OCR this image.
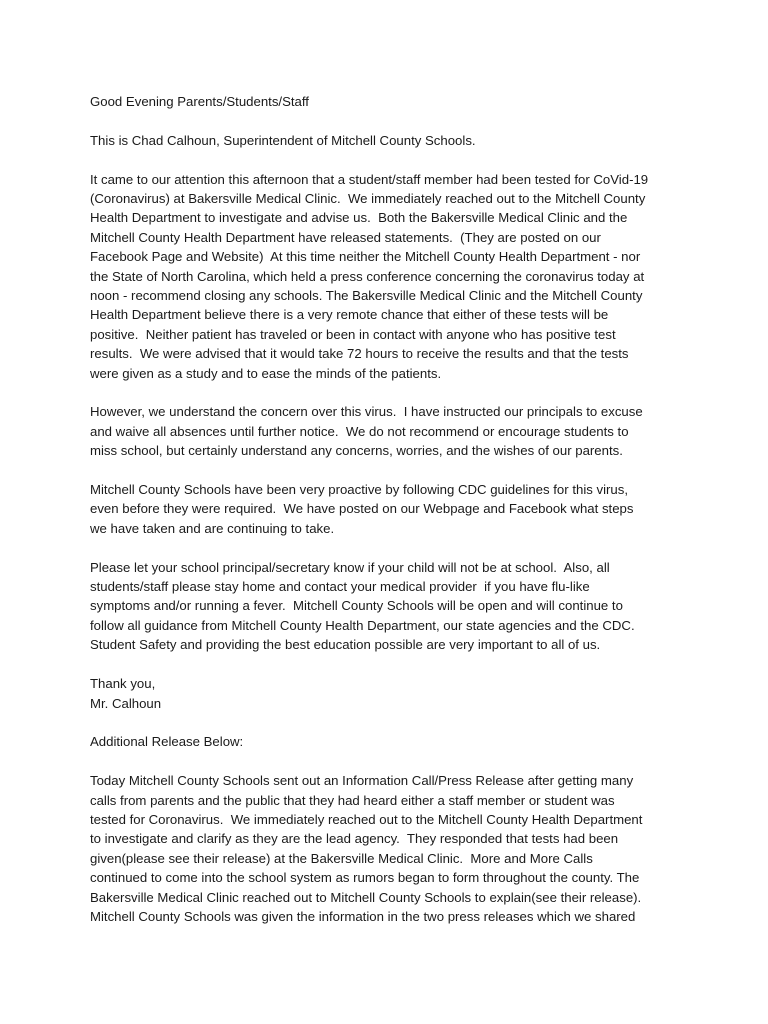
Good Evening Parents/Students/Staff
This is Chad Calhoun, Superintendent of Mitchell County Schools.
It came to our attention this afternoon that a student/staff member had been tested for CoVid-19
(Coronavirus) at Bakersville Medical Clinic.  We immediately reached out to the Mitchell County
Health Department to investigate and advise us.  Both the Bakersville Medical Clinic and the
Mitchell County Health Department have released statements.  (They are posted on our
Facebook Page and Website)  At this time neither the Mitchell County Health Department - nor
the State of North Carolina, which held a press conference concerning the coronavirus today at
noon - recommend closing any schools. The Bakersville Medical Clinic and the Mitchell County
Health Department believe there is a very remote chance that either of these tests will be
positive.  Neither patient has traveled or been in contact with anyone who has positive test
results.  We were advised that it would take 72 hours to receive the results and that the tests
were given as a study and to ease the minds of the patients.
However, we understand the concern over this virus.  I have instructed our principals to excuse
and waive all absences until further notice.  We do not recommend or encourage students to
miss school, but certainly understand any concerns, worries, and the wishes of our parents.
Mitchell County Schools have been very proactive by following CDC guidelines for this virus,
even before they were required.  We have posted on our Webpage and Facebook what steps
we have taken and are continuing to take.
Please let your school principal/secretary know if your child will not be at school.  Also, all
students/staff please stay home and contact your medical provider  if you have flu-like
symptoms and/or running a fever.  Mitchell County Schools will be open and will continue to
follow all guidance from Mitchell County Health Department, our state agencies and the CDC.
Student Safety and providing the best education possible are very important to all of us.
Thank you,
Mr. Calhoun
Additional Release Below:
Today Mitchell County Schools sent out an Information Call/Press Release after getting many
calls from parents and the public that they had heard either a staff member or student was
tested for Coronavirus.  We immediately reached out to the Mitchell County Health Department
to investigate and clarify as they are the lead agency.  They responded that tests had been
given(please see their release) at the Bakersville Medical Clinic.  More and More Calls
continued to come into the school system as rumors began to form throughout the county. The
Bakersville Medical Clinic reached out to Mitchell County Schools to explain(see their release).
Mitchell County Schools was given the information in the two press releases which we shared
